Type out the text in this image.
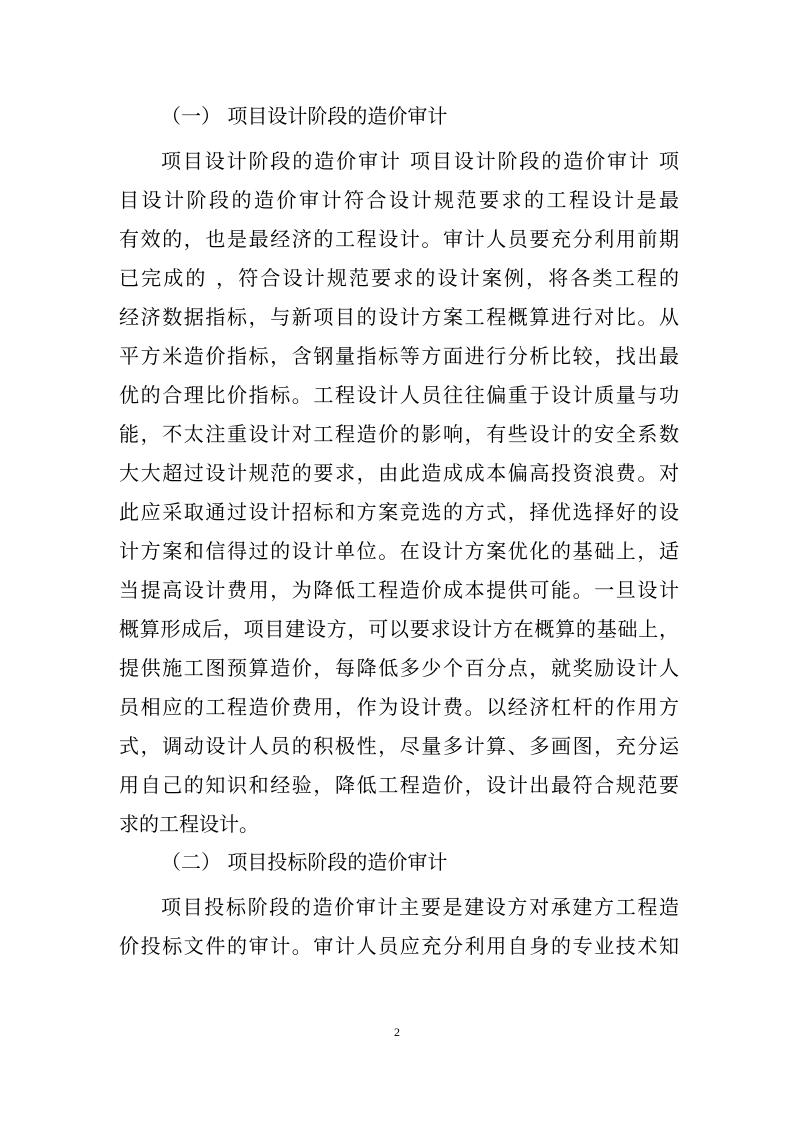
（一） 项目设计阶段的造价审计
项目设计阶段的造价审计 项目设计阶段的造价审计 项
目设计阶段的造价审计符合设计规范要求的工程设计是最
有效的，也是最经济的工程设计。审计人员要充分利用前期
已完成的 ，符合设计规范要求的设计案例，将各类工程的
经济数据指标，与新项目的设计方案工程概算进行对比。从
平方米造价指标，含钢量指标等方面进行分析比较，找出最
优的合理比价指标。工程设计人员往往偏重于设计质量与功
能，不太注重设计对工程造价的影响，有些设计的安全系数
大大超过设计规范的要求，由此造成成本偏高投资浪费。对
此应采取通过设计招标和方案竞选的方式，择优选择好的设
计方案和信得过的设计单位。在设计方案优化的基础上，适
当提高设计费用，为降低工程造价成本提供可能。一旦设计
概算形成后，项目建设方，可以要求设计方在概算的基础上，
提供施工图预算造价，每降低多少个百分点，就奖励设计人
员相应的工程造价费用，作为设计费。以经济杠杆的作用方
式，调动设计人员的积极性，尽量多计算、多画图，充分运
用自己的知识和经验，降低工程造价，设计出最符合规范要
求的工程设计。
（二） 项目投标阶段的造价审计
项目投标阶段的造价审计主要是建设方对承建方工程造
价投标文件的审计。审计人员应充分利用自身的专业技术知
2
